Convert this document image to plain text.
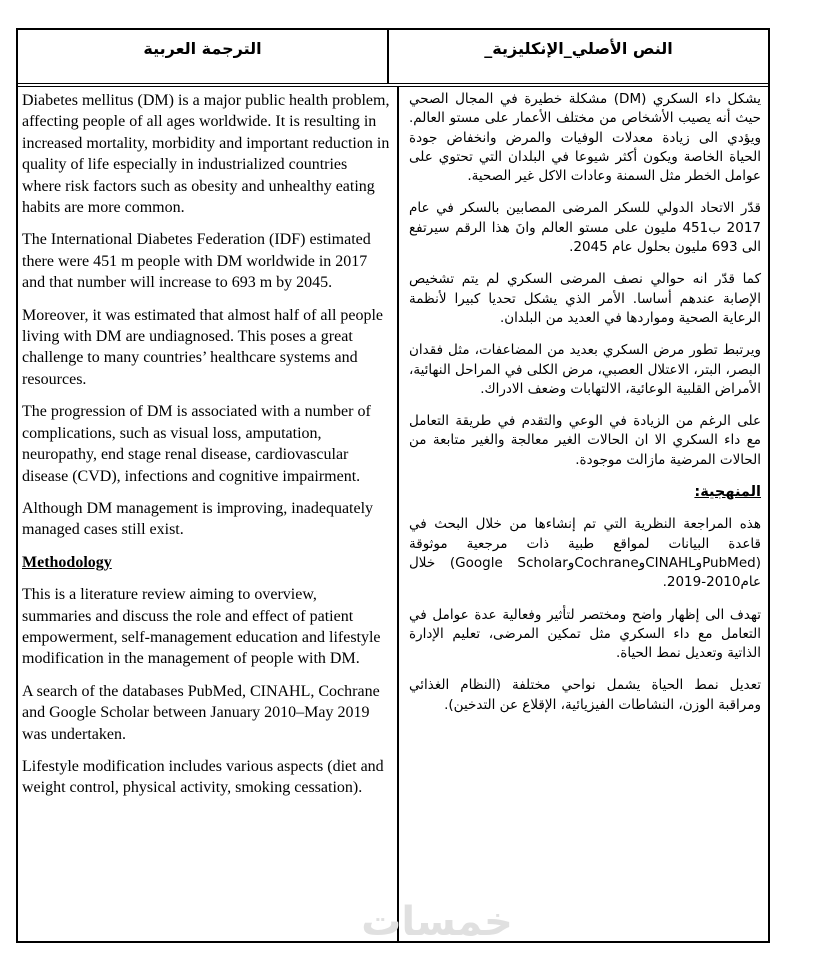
النص الأصلي_الإنكليزية_
الترجمة العربية

Diabetes mellitus (DM) is a major public health problem, affecting people of all ages worldwide. It is resulting in increased mortality, morbidity and important reduction in quality of life especially in industrialized countries where risk factors such as obesity and unhealthy eating habits are more common.

The International Diabetes Federation (IDF) estimated there were 451 m people with DM worldwide in 2017 and that number will increase to 693 m by 2045.

Moreover, it was estimated that almost half of all people living with DM are undiagnosed. This poses a great challenge to many countries’ healthcare systems and resources.

The progression of DM is associated with a number of complications, such as visual loss, amputation, neuropathy, end stage renal disease, cardiovascular disease (CVD), infections and cognitive impairment.

Although DM management is improving, inadequately managed cases still exist.

Methodology

This is a literature review aiming to overview, summaries and discuss the role and effect of patient empowerment, self-management education and lifestyle modification in the management of people with DM.

A search of the databases PubMed, CINAHL, Cochrane and Google Scholar between January 2010–May 2019 was undertaken.

Lifestyle modification includes various aspects (diet and weight control, physical activity, smoking cessation).

يشكل داء السكري (DM) مشكلة خطيرة في المجال الصحي حيث أنه يصيب الأشخاص من مختلف الأعمار على مستو العالم. ويؤدي الى زيادة معدلات الوفيات والمرض وانخفاض جودة الحياة الخاصة ويكون أكثر شيوعا في البلدان التي تحتوي على عوامل الخطر مثل السمنة وعادات الاكل غير الصحية.

قدّر الاتحاد الدولي للسكر المرضى المصابين بالسكر في عام 2017 ب451 مليون على مستو العالم وانَ هذا الرقم سيرتفع الى 693 مليون بحلول عام 2045.

كما قدّر انه حوالي نصف المرضى السكري لم يتم تشخيص الإصابة عندهم أساسا. الأمر الذي يشكل تحديا كبيرا لأنظمة الرعاية الصحية ومواردها في العديد من البلدان.

ويرتبط تطور مرض السكري بعديد من المضاعفات، مثل فقدان البصر، البتر، الاعتلال العصبي، مرض الكلى في المراحل النهائية، الأمراض القلبية الوعائية، الالتهابات وضعف الادراك.

على الرغم من الزيادة في الوعي والتقدم في طريقة التعامل مع داء السكري الا ان الحالات الغير معالجة والغير متابعة من الحالات المرضية مازالت موجودة.

المنهجية:

هذه المراجعة النظرية التي تم إنشاءها من خلال البحث في قاعدة البيانات لمواقع طبية ذات مرجعية موثوقة (PubMedوCINAHLوCochraneوGoogle Scholar) خلال عام2010-2019.

تهدف الى إظهار واضح ومختصر لتأثير وفعالية عدة عوامل في التعامل مع داء السكري مثل تمكين المرضى، تعليم الإدارة الذاتية وتعديل نمط الحياة.

تعديل نمط الحياة يشمل نواحي مختلفة (النظام الغذائي ومراقبة الوزن، النشاطات الفيزيائية، الإقلاع عن التدخين).

خمسات
